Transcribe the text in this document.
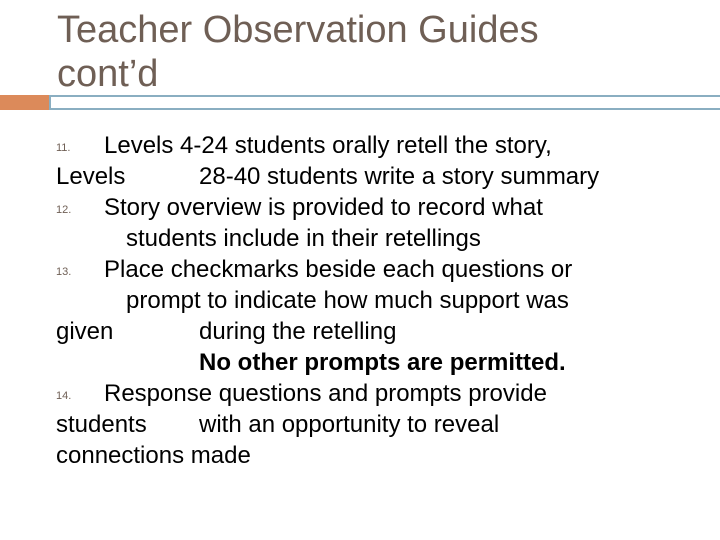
Teacher Observation Guides
cont’d
11. Levels 4-24 students orally retell the story,
Levels	28-40 students write a story summary
12. Story overview is provided to record what
students include in their retellings
13. Place checkmarks beside each questions or
prompt to indicate how much support was
given	during the retelling
No other prompts are permitted.
14. Response questions and prompts provide
students with an opportunity to reveal
connections made
